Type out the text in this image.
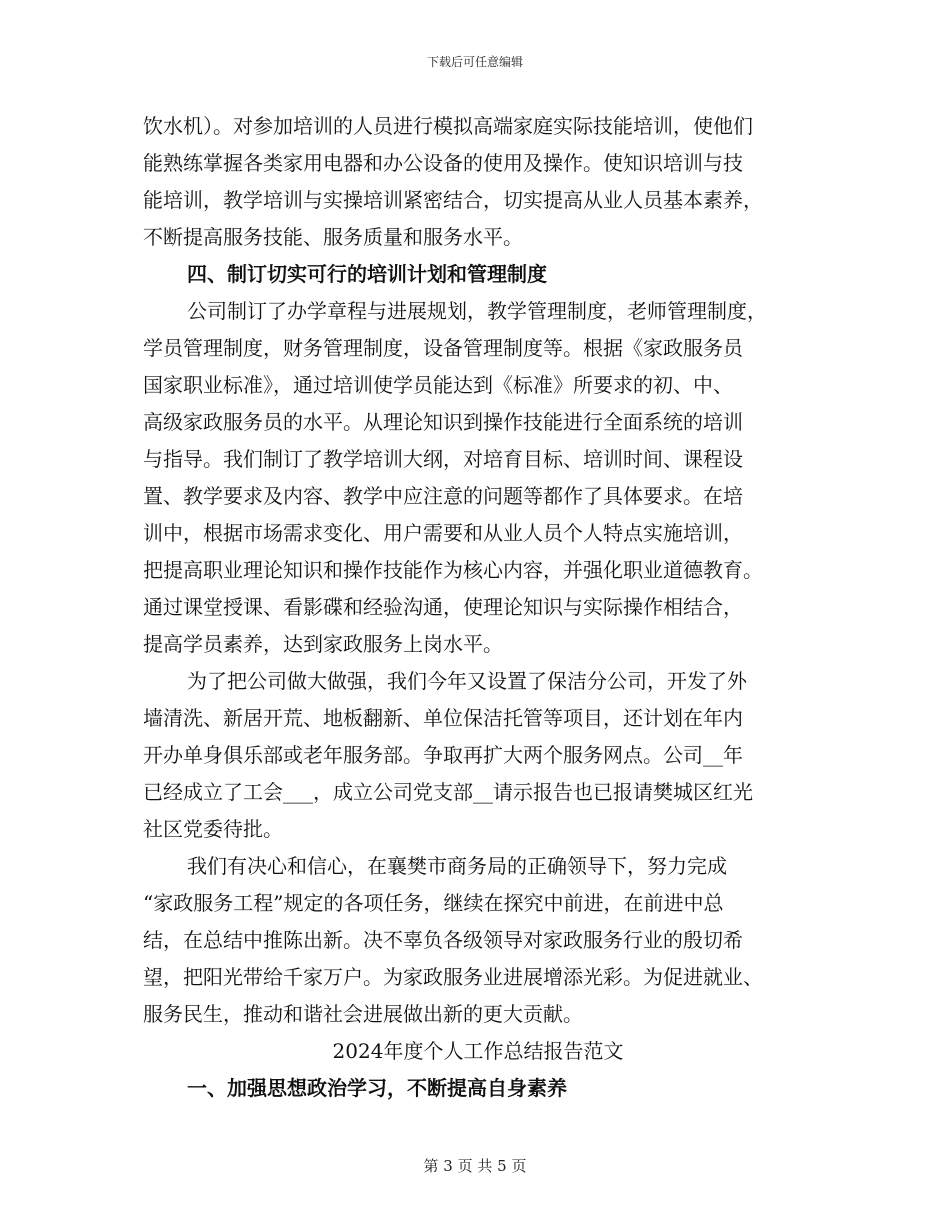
下载后可任意编辑
饮水机）。对参加培训的人员进行模拟高端家庭实际技能培训，使他们
能熟练掌握各类家用电器和办公设备的使用及操作。使知识培训与技
能培训，教学培训与实操培训紧密结合，切实提高从业人员基本素养，
不断提高服务技能、服务质量和服务水平。
四、制订切实可行的培训计划和管理制度
公司制订了办学章程与进展规划，教学管理制度，老师管理制度，
学员管理制度，财务管理制度，设备管理制度等。根据《家政服务员
国家职业标准》，通过培训使学员能达到《标准》所要求的初、中、
高级家政服务员的水平。从理论知识到操作技能进行全面系统的培训
与指导。我们制订了教学培训大纲，对培育目标、培训时间、课程设
置、教学要求及内容、教学中应注意的问题等都作了具体要求。在培
训中，根据市场需求变化、用户需要和从业人员个人特点实施培训，
把提高职业理论知识和操作技能作为核心内容，并强化职业道德教育。
通过课堂授课、看影碟和经验沟通，使理论知识与实际操作相结合，
提高学员素养，达到家政服务上岗水平。
为了把公司做大做强，我们今年又设置了保洁分公司，开发了外
墙清洗、新居开荒、地板翻新、单位保洁托管等项目，还计划在年内
开办单身俱乐部或老年服务部。争取再扩大两个服务网点。公司__年
已经成立了工会___，成立公司党支部__请示报告也已报请樊城区红光
社区党委待批。
我们有决心和信心，在襄樊市商务局的正确领导下，努力完成
“家政服务工程”规定的各项任务，继续在探究中前进，在前进中总
结，在总结中推陈出新。决不辜负各级领导对家政服务行业的殷切希
望，把阳光带给千家万户。为家政服务业进展增添光彩。为促进就业、
服务民生，推动和谐社会进展做出新的更大贡献。
2024年度个人工作总结报告范文
一、加强思想政治学习，不断提高自身素养
第 3 页 共 5 页
